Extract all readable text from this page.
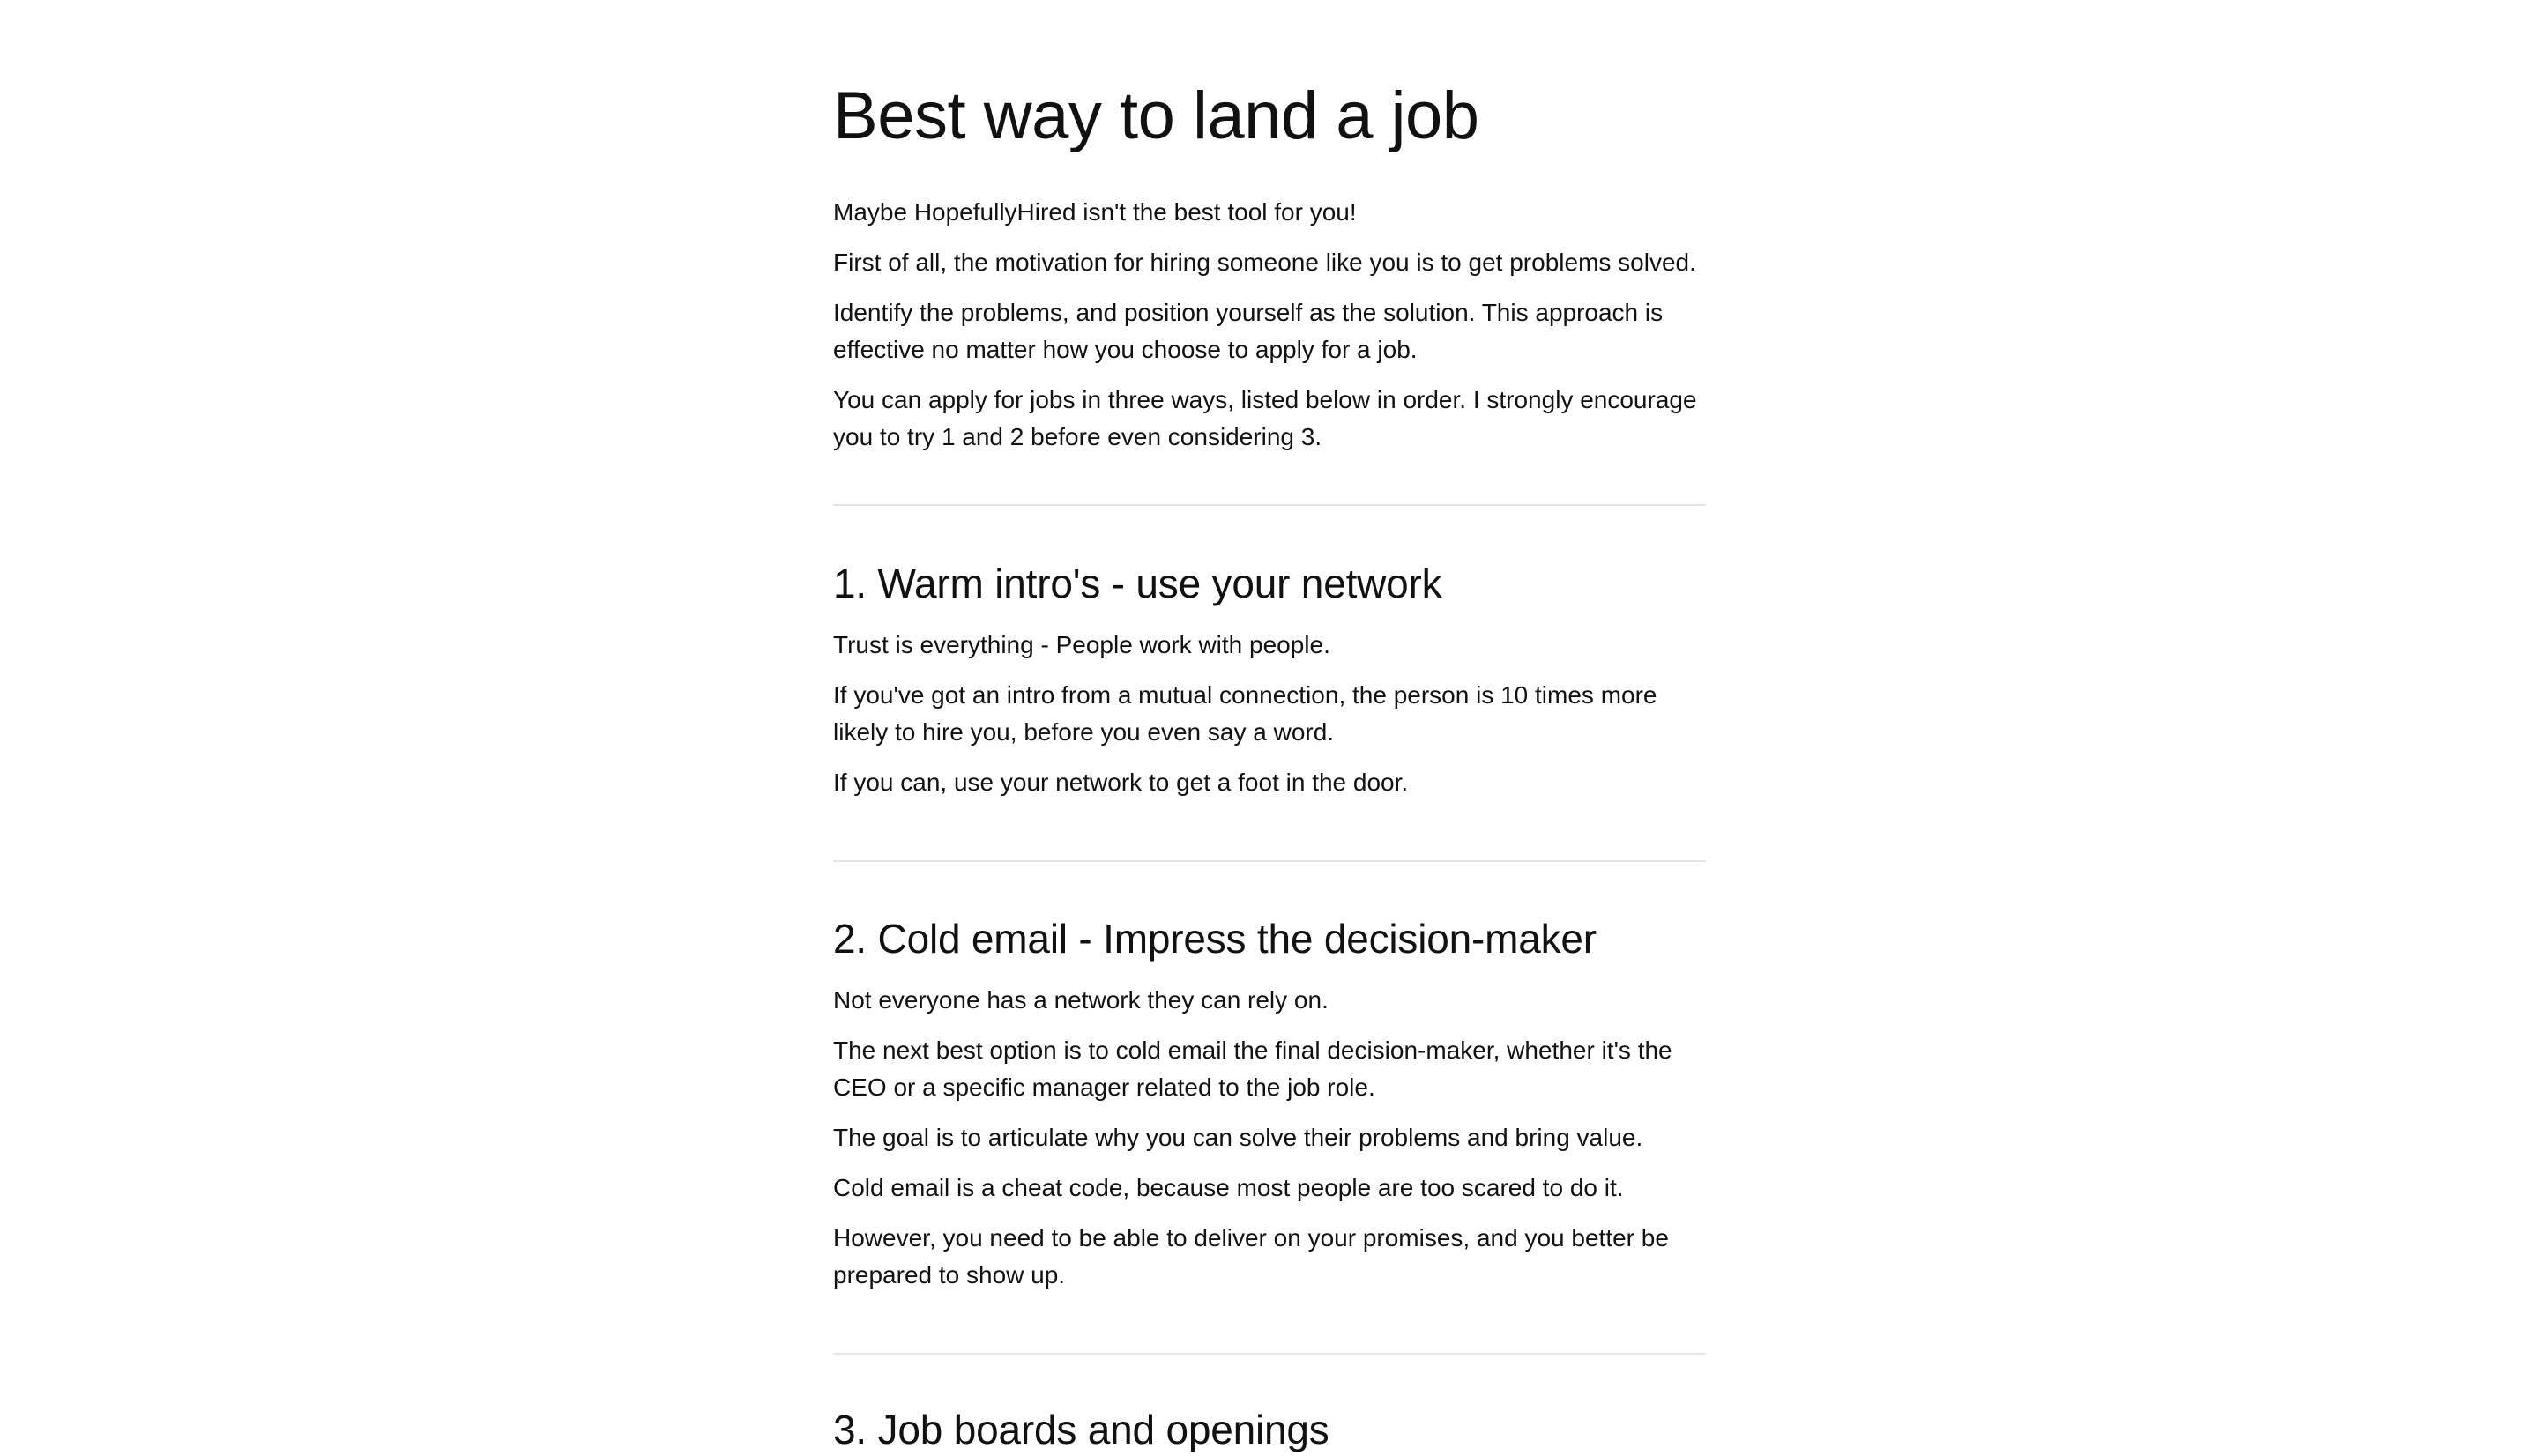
Best way to land a job

Maybe HopefullyHired isn't the best tool for you!

First of all, the motivation for hiring someone like you is to get problems solved.

Identify the problems, and position yourself as the solution. This approach is effective no matter how you choose to apply for a job.

You can apply for jobs in three ways, listed below in order. I strongly encourage you to try 1 and 2 before even considering 3.

1. Warm intro's - use your network

Trust is everything - People work with people.

If you've got an intro from a mutual connection, the person is 10 times more likely to hire you, before you even say a word.

If you can, use your network to get a foot in the door.

2. Cold email - Impress the decision-maker

Not everyone has a network they can rely on.

The next best option is to cold email the final decision-maker, whether it's the CEO or a specific manager related to the job role.

The goal is to articulate why you can solve their problems and bring value.

Cold email is a cheat code, because most people are too scared to do it.

However, you need to be able to deliver on your promises, and you better be prepared to show up.

3. Job boards and openings
